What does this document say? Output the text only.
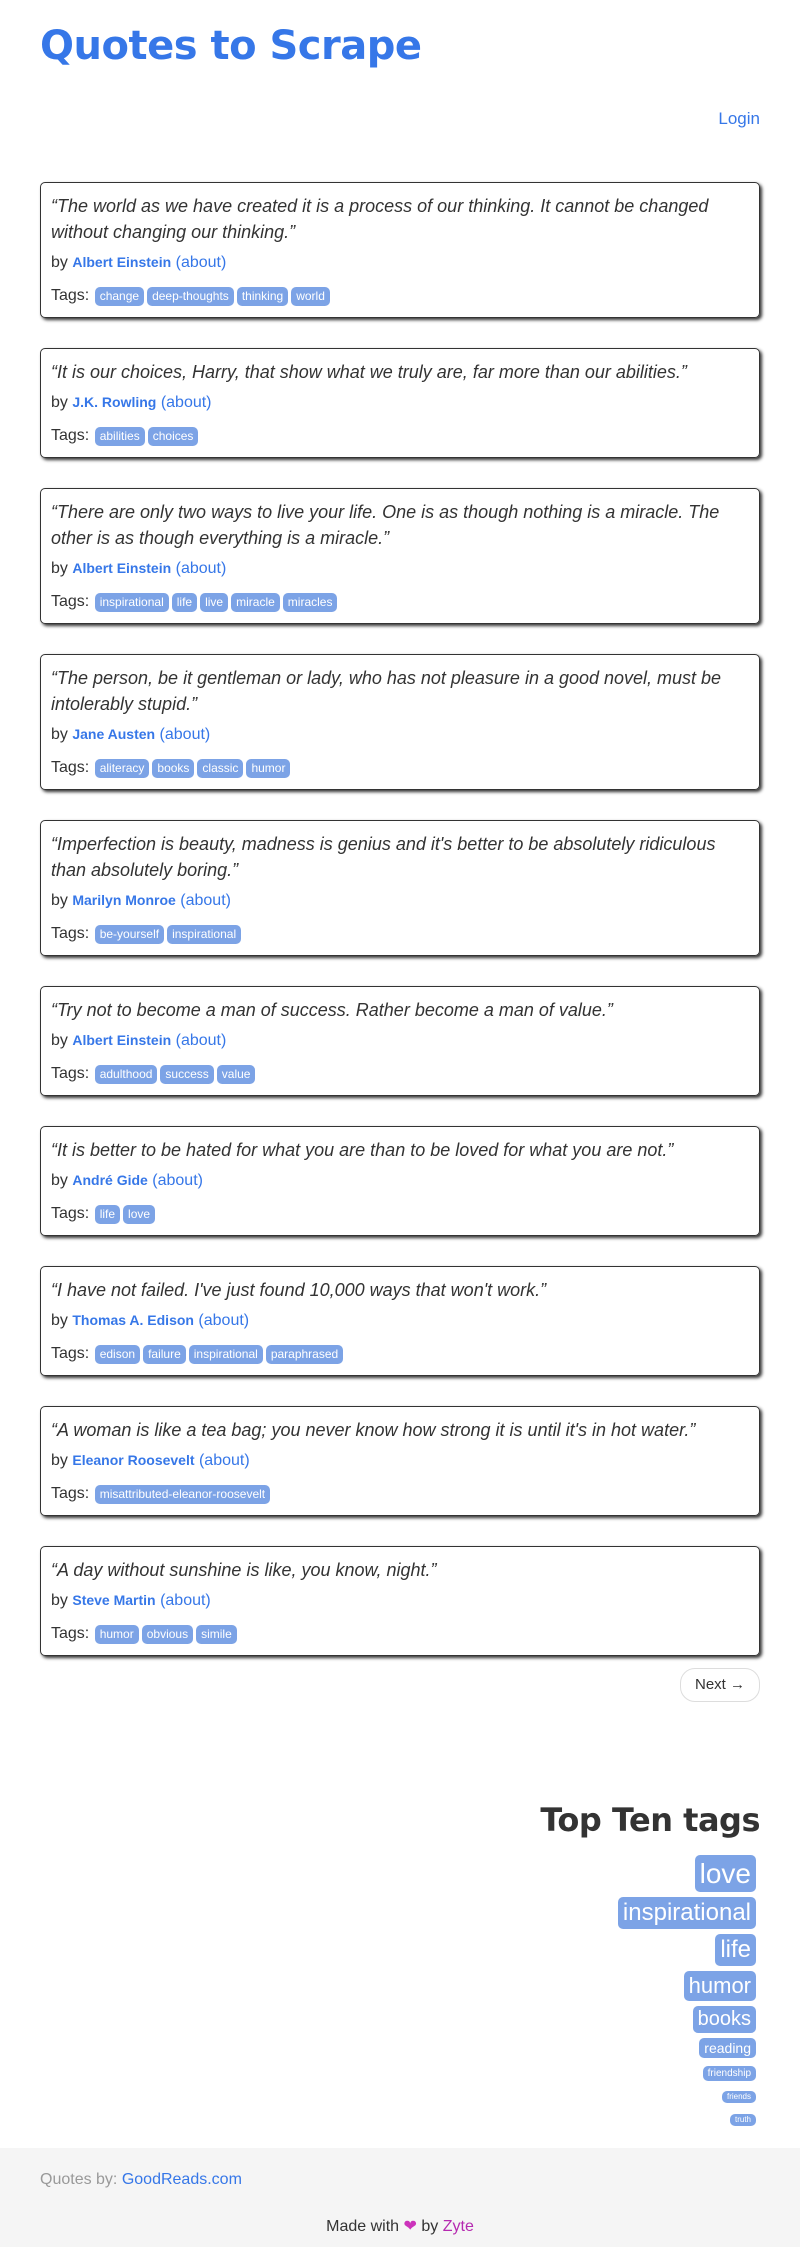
Quotes to Scrape
Login
“The world as we have created it is a process of our thinking. It cannot be changed without changing our thinking.”
by Albert Einstein (about)
Tags: change deep-thoughts thinking world
“It is our choices, Harry, that show what we truly are, far more than our abilities.”
by J.K. Rowling (about)
Tags: abilities choices
“There are only two ways to live your life. One is as though nothing is a miracle. The other is as though everything is a miracle.”
by Albert Einstein (about)
Tags: inspirational life live miracle miracles
“The person, be it gentleman or lady, who has not pleasure in a good novel, must be intolerably stupid.”
by Jane Austen (about)
Tags: aliteracy books classic humor
“Imperfection is beauty, madness is genius and it's better to be absolutely ridiculous than absolutely boring.”
by Marilyn Monroe (about)
Tags: be-yourself inspirational
“Try not to become a man of success. Rather become a man of value.”
by Albert Einstein (about)
Tags: adulthood success value
“It is better to be hated for what you are than to be loved for what you are not.”
by André Gide (about)
Tags: life love
“I have not failed. I've just found 10,000 ways that won't work.”
by Thomas A. Edison (about)
Tags: edison failure inspirational paraphrased
“A woman is like a tea bag; you never know how strong it is until it's in hot water.”
by Eleanor Roosevelt (about)
Tags: misattributed-eleanor-roosevelt
“A day without sunshine is like, you know, night.”
by Steve Martin (about)
Tags: humor obvious simile
Next →
Top Ten tags
love
inspirational
life
humor
books
reading
friendship
friends
truth
Quotes by: GoodReads.com
Made with ❤ by Zyte
